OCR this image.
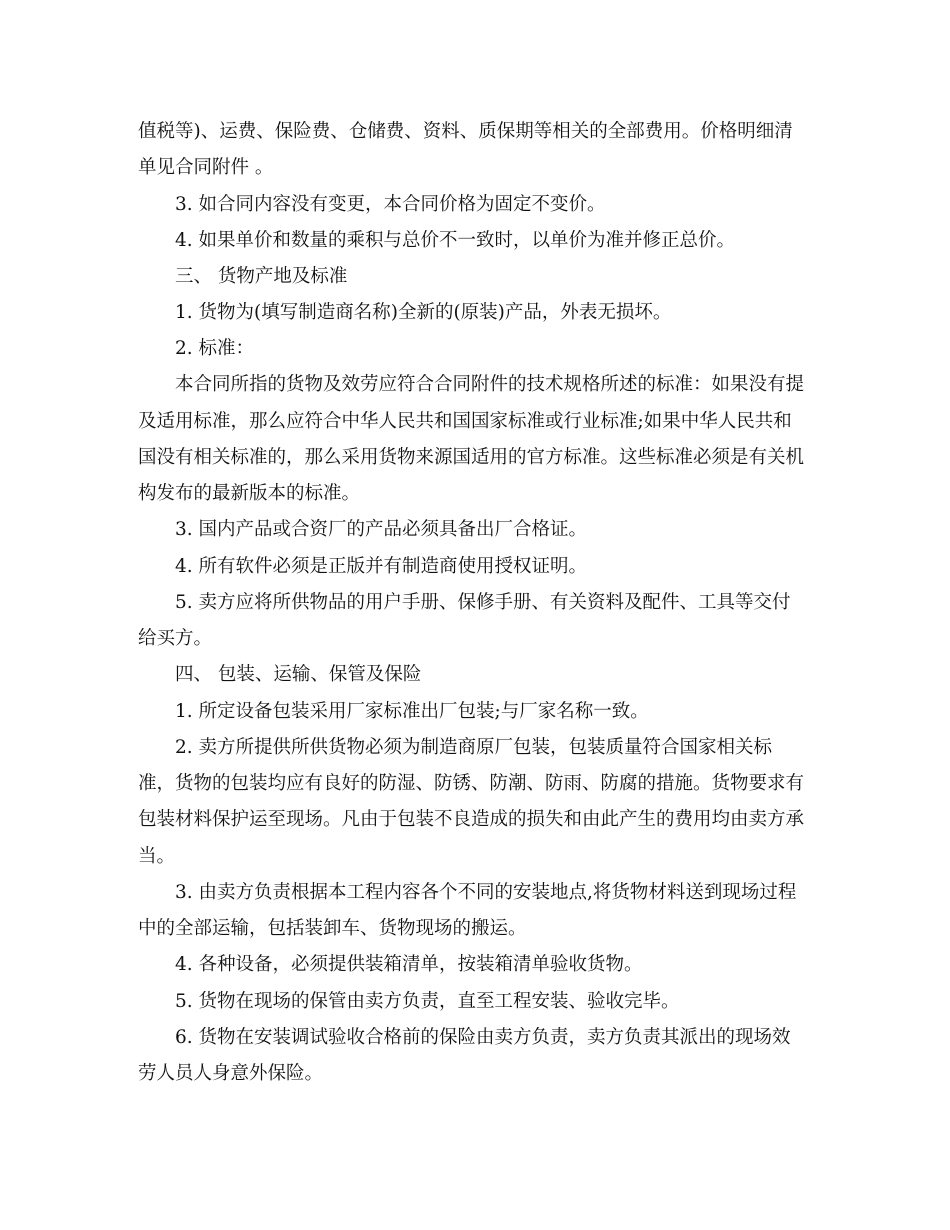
值税等)、运费、保险费、仓储费、资料、质保期等相关的全部费用。价格明细清
单见合同附件 。
3. 如合同内容没有变更，本合同价格为固定不变价。
4. 如果单价和数量的乘积与总价不一致时，以单价为准并修正总价。
三、 货物产地及标准
1. 货物为(填写制造商名称)全新的(原装)产品，外表无损坏。
2. 标准：
本合同所指的货物及效劳应符合合同附件的技术规格所述的标准：如果没有提
及适用标准，那么应符合中华人民共和国国家标准或行业标准;如果中华人民共和
国没有相关标准的，那么采用货物来源国适用的官方标准。这些标准必须是有关机
构发布的最新版本的标准。
3. 国内产品或合资厂的产品必须具备出厂合格证。
4. 所有软件必须是正版并有制造商使用授权证明。
5. 卖方应将所供物品的用户手册、保修手册、有关资料及配件、工具等交付
给买方。
四、 包装、运输、保管及保险
1. 所定设备包装采用厂家标准出厂包装;与厂家名称一致。
2. 卖方所提供所供货物必须为制造商原厂包装，包装质量符合国家相关标
准，货物的包装均应有良好的防湿、防锈、防潮、防雨、防腐的措施。货物要求有
包装材料保护运至现场。凡由于包装不良造成的损失和由此产生的费用均由卖方承
当。
3. 由卖方负责根据本工程内容各个不同的安装地点,将货物材料送到现场过程
中的全部运输，包括装卸车、货物现场的搬运。
4. 各种设备，必须提供装箱清单，按装箱清单验收货物。
5. 货物在现场的保管由卖方负责，直至工程安装、验收完毕。
6. 货物在安装调试验收合格前的保险由卖方负责，卖方负责其派出的现场效
劳人员人身意外保险。
